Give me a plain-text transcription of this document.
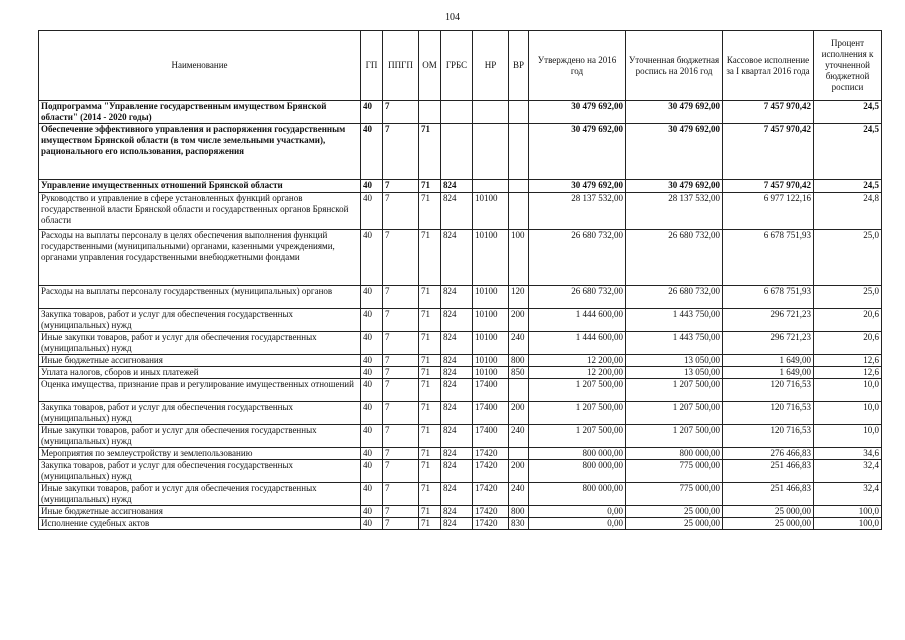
104
Наименование	ГП	ППГП	ОМ	ГРБС	НР	ВР	Утверждено на 2016 год	Уточненная бюджетная роспись на 2016 год	Кассовое исполнение за I квартал 2016 года	Процент исполнения к уточненной бюджетной росписи
Подпрограмма "Управление государственным имуществом Брянской области" (2014 - 2020 годы)	40	7					30 479 692,00	30 479 692,00	7 457 970,42	24,5
Обеспечение эффективного управления и распоряжения государственным имуществом Брянской области (в том числе земельными участками), рационального его использования, распоряжения	40	7	71				30 479 692,00	30 479 692,00	7 457 970,42	24,5
Управление имущественных отношений Брянской области	40	7	71	824			30 479 692,00	30 479 692,00	7 457 970,42	24,5
Руководство и управление в сфере установленных функций органов государственной власти Брянской области и государственных органов Брянской области	40	7	71	824	10100		28 137 532,00	28 137 532,00	6 977 122,16	24,8
Расходы на выплаты персоналу в целях обеспечения выполнения функций государственными (муниципальными) органами, казенными учреждениями, органами управления государственными внебюджетными фондами	40	7	71	824	10100	100	26 680 732,00	26 680 732,00	6 678 751,93	25,0
Расходы на выплаты персоналу государственных (муниципальных) органов	40	7	71	824	10100	120	26 680 732,00	26 680 732,00	6 678 751,93	25,0
Закупка товаров, работ и услуг для обеспечения государственных (муниципальных) нужд	40	7	71	824	10100	200	1 444 600,00	1 443 750,00	296 721,23	20,6
Иные закупки товаров, работ и услуг для обеспечения государственных (муниципальных) нужд	40	7	71	824	10100	240	1 444 600,00	1 443 750,00	296 721,23	20,6
Иные бюджетные ассигнования	40	7	71	824	10100	800	12 200,00	13 050,00	1 649,00	12,6
Уплата налогов, сборов и иных платежей	40	7	71	824	10100	850	12 200,00	13 050,00	1 649,00	12,6
Оценка имущества, признание прав и регулирование имущественных отношений	40	7	71	824	17400		1 207 500,00	1 207 500,00	120 716,53	10,0
Закупка товаров, работ и услуг для обеспечения государственных (муниципальных) нужд	40	7	71	824	17400	200	1 207 500,00	1 207 500,00	120 716,53	10,0
Иные закупки товаров, работ и услуг для обеспечения государственных (муниципальных) нужд	40	7	71	824	17400	240	1 207 500,00	1 207 500,00	120 716,53	10,0
Мероприятия по землеустройству и землепользованию	40	7	71	824	17420		800 000,00	800 000,00	276 466,83	34,6
Закупка товаров, работ и услуг для обеспечения государственных (муниципальных) нужд	40	7	71	824	17420	200	800 000,00	775 000,00	251 466,83	32,4
Иные закупки товаров, работ и услуг для обеспечения государственных (муниципальных) нужд	40	7	71	824	17420	240	800 000,00	775 000,00	251 466,83	32,4
Иные бюджетные ассигнования	40	7	71	824	17420	800	0,00	25 000,00	25 000,00	100,0
Исполнение судебных актов	40	7	71	824	17420	830	0,00	25 000,00	25 000,00	100,0
